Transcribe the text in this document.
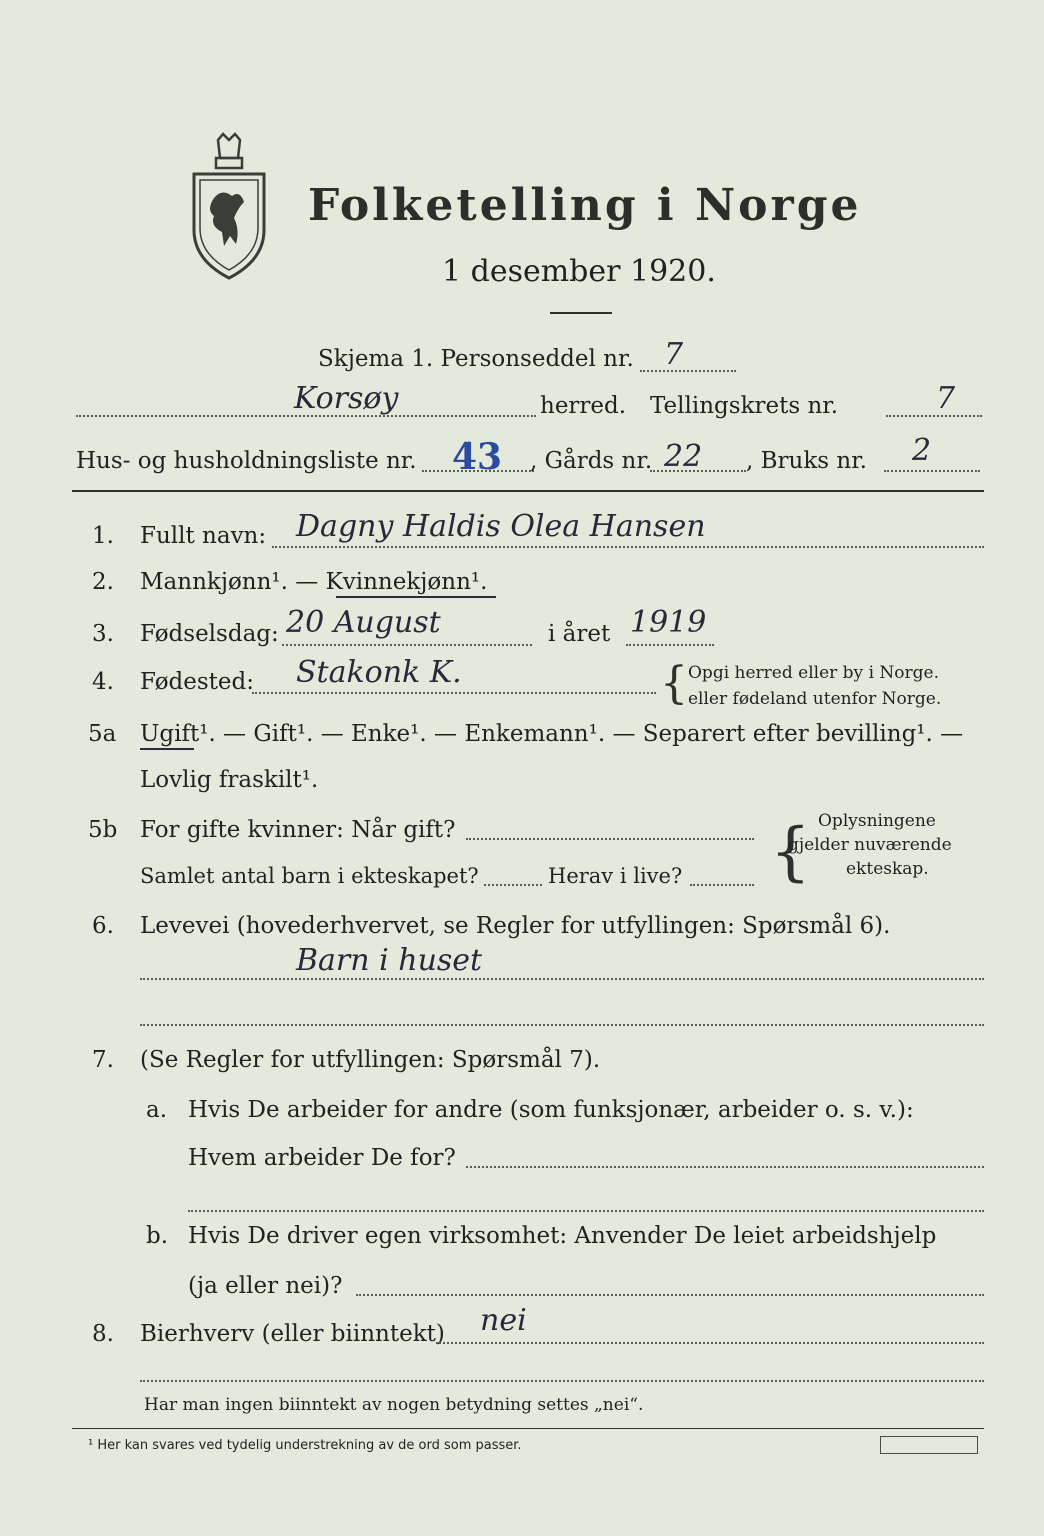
Folketelling i Norge
1 desember 1920.
Skjema 1. Personseddel nr. 7
Korsøy	herred. Tellingskrets nr.	7
Hus- og husholdningsliste nr. 43 , Gårds nr. 22 , Bruks nr. 2
1. Fullt navn: Dagny Haldis Olea Hansen
2. Mannkjønn¹. — Kvinnekjønn¹.
3. Fødselsdag: 20 August	i året 1919
4. Fødested: Stakonk K.	{ Opgi herred eller by i Norge.
eller fødeland utenfor Norge.
5a Ugift¹. — Gift¹. — Enke¹. — Enkemann¹. — Separert efter bevilling¹. —
Lovlig fraskilt¹.
5b For gifte kvinner: Når gift?
Samlet antal barn i ekteskapet?	Herav i live? { Oplysningene
gjelder nuværende
ekteskap.
6. Levevei (hovederhvervet, se Regler for utfyllingen: Spørsmål 6).
Barn i huset
7. (Se Regler for utfyllingen: Spørsmål 7).
a. Hvis De arbeider for andre (som funksjonær, arbeider o. s. v.):
Hvem arbeider De for?
b. Hvis De driver egen virksomhet: Anvender De leiet arbeidshjelp
(ja eller nei)?
8. Bierhverv (eller biinntekt) nei
Har man ingen biinntekt av nogen betydning settes „nei“.
¹ Her kan svares ved tydelig understrekning av de ord som passer.
